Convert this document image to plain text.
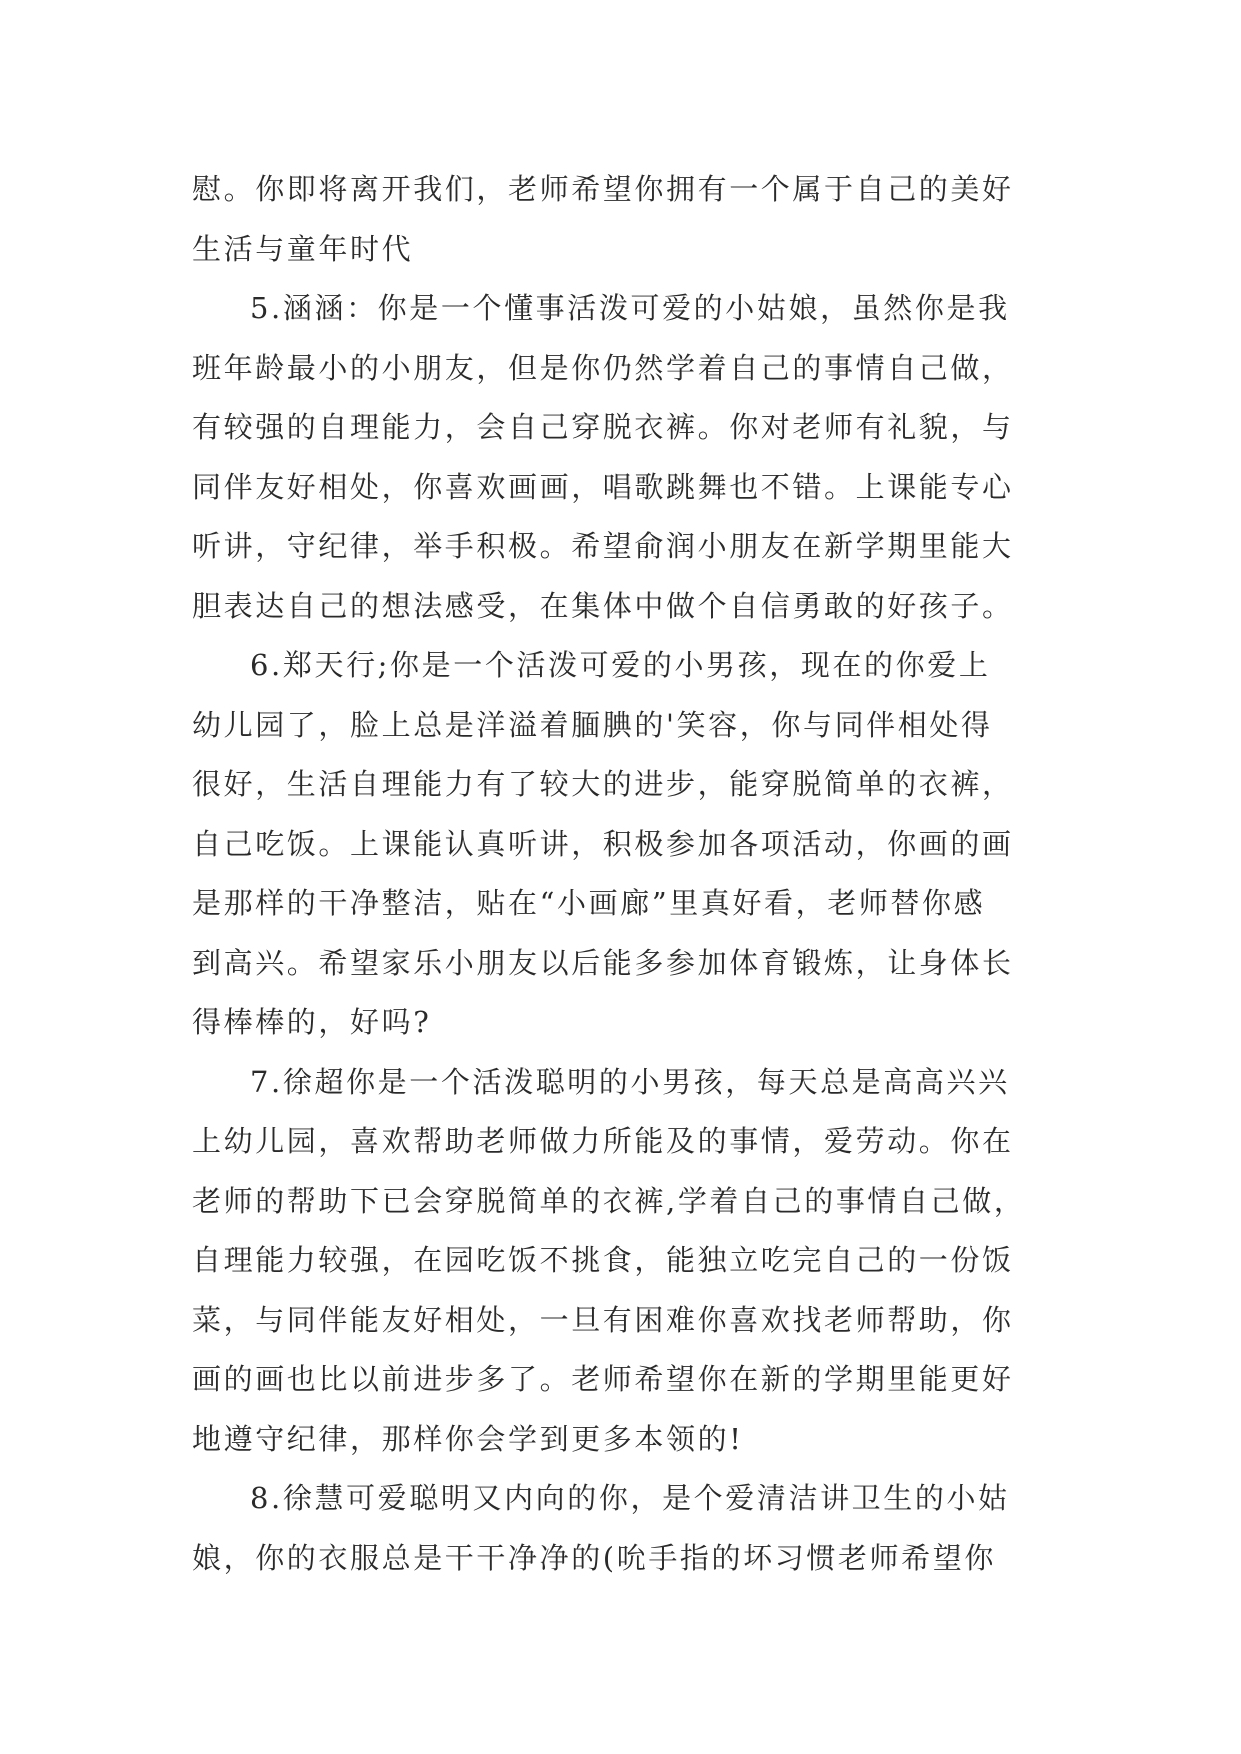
慰。你即将离开我们，老师希望你拥有一个属于自己的美好
生活与童年时代
5.涵涵：你是一个懂事活泼可爱的小姑娘，虽然你是我
班年龄最小的小朋友，但是你仍然学着自己的事情自己做，
有较强的自理能力，会自己穿脱衣裤。你对老师有礼貌，与
同伴友好相处，你喜欢画画，唱歌跳舞也不错。上课能专心
听讲，守纪律，举手积极。希望俞润小朋友在新学期里能大
胆表达自己的想法感受，在集体中做个自信勇敢的好孩子。
6.郑天行;你是一个活泼可爱的小男孩，现在的你爱上
幼儿园了，脸上总是洋溢着腼腆的'笑容，你与同伴相处得
很好，生活自理能力有了较大的进步，能穿脱简单的衣裤，
自己吃饭。上课能认真听讲，积极参加各项活动，你画的画
是那样的干净整洁，贴在“小画廊”里真好看，老师替你感
到高兴。希望家乐小朋友以后能多参加体育锻炼，让身体长
得棒棒的，好吗?
7.徐超你是一个活泼聪明的小男孩，每天总是高高兴兴
上幼儿园，喜欢帮助老师做力所能及的事情，爱劳动。你在
老师的帮助下已会穿脱简单的衣裤,学着自己的事情自己做，
自理能力较强，在园吃饭不挑食，能独立吃完自己的一份饭
菜，与同伴能友好相处，一旦有困难你喜欢找老师帮助，你
画的画也比以前进步多了。老师希望你在新的学期里能更好
地遵守纪律，那样你会学到更多本领的!
8.徐慧可爱聪明又内向的你，是个爱清洁讲卫生的小姑
娘，你的衣服总是干干净净的(吮手指的坏习惯老师希望你
